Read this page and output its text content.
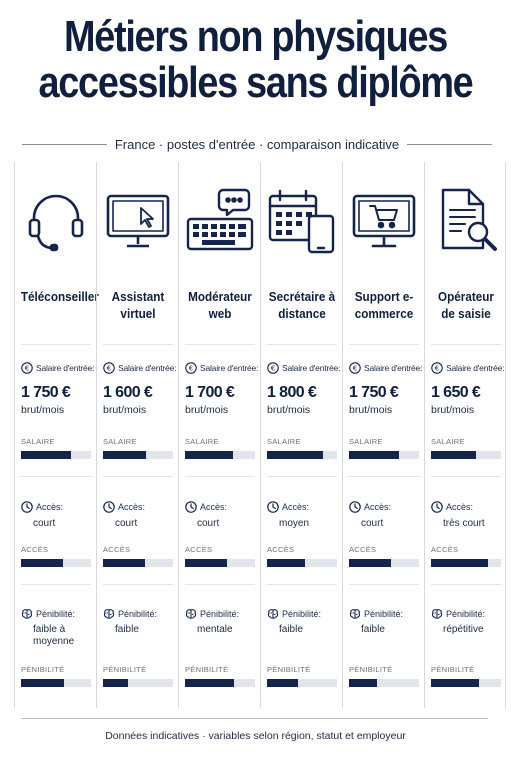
Métiers non physiques
accessibles sans diplôme
France · postes d'entrée · comparaison indicative
Téléconseiller
€ Salaire d'entrée:
1 750 €
brut/mois
SALAIRE
Accès:
court
ACCÈS
Pénibilité:
faible à moyenne
PÉNIBILITÉ
Assistant virtuel
€ Salaire d'entrée:
1 600 €
brut/mois
SALAIRE
Accès:
court
ACCÈS
Pénibilité:
faible
PÉNIBILITÉ
Modérateur web
€ Salaire d'entrée:
1 700 €
brut/mois
SALAIRE
Accès:
court
ACCÈS
Pénibilité:
mentale
PÉNIBILITÉ
Secrétaire à distance
€ Salaire d'entrée:
1 800 €
brut/mois
SALAIRE
Accès:
moyen
ACCÈS
Pénibilité:
faible
PÉNIBILITÉ
Support e-commerce
€ Salaire d'entrée:
1 750 €
brut/mois
SALAIRE
Accès:
court
ACCÈS
Pénibilité:
faible
PÉNIBILITÉ
Opérateur de saisie
€ Salaire d'entrée:
1 650 €
brut/mois
SALAIRE
Accès:
très court
ACCÈS
Pénibilité:
répétitive
PÉNIBILITÉ
Données indicatives · variables selon région, statut et employeur
